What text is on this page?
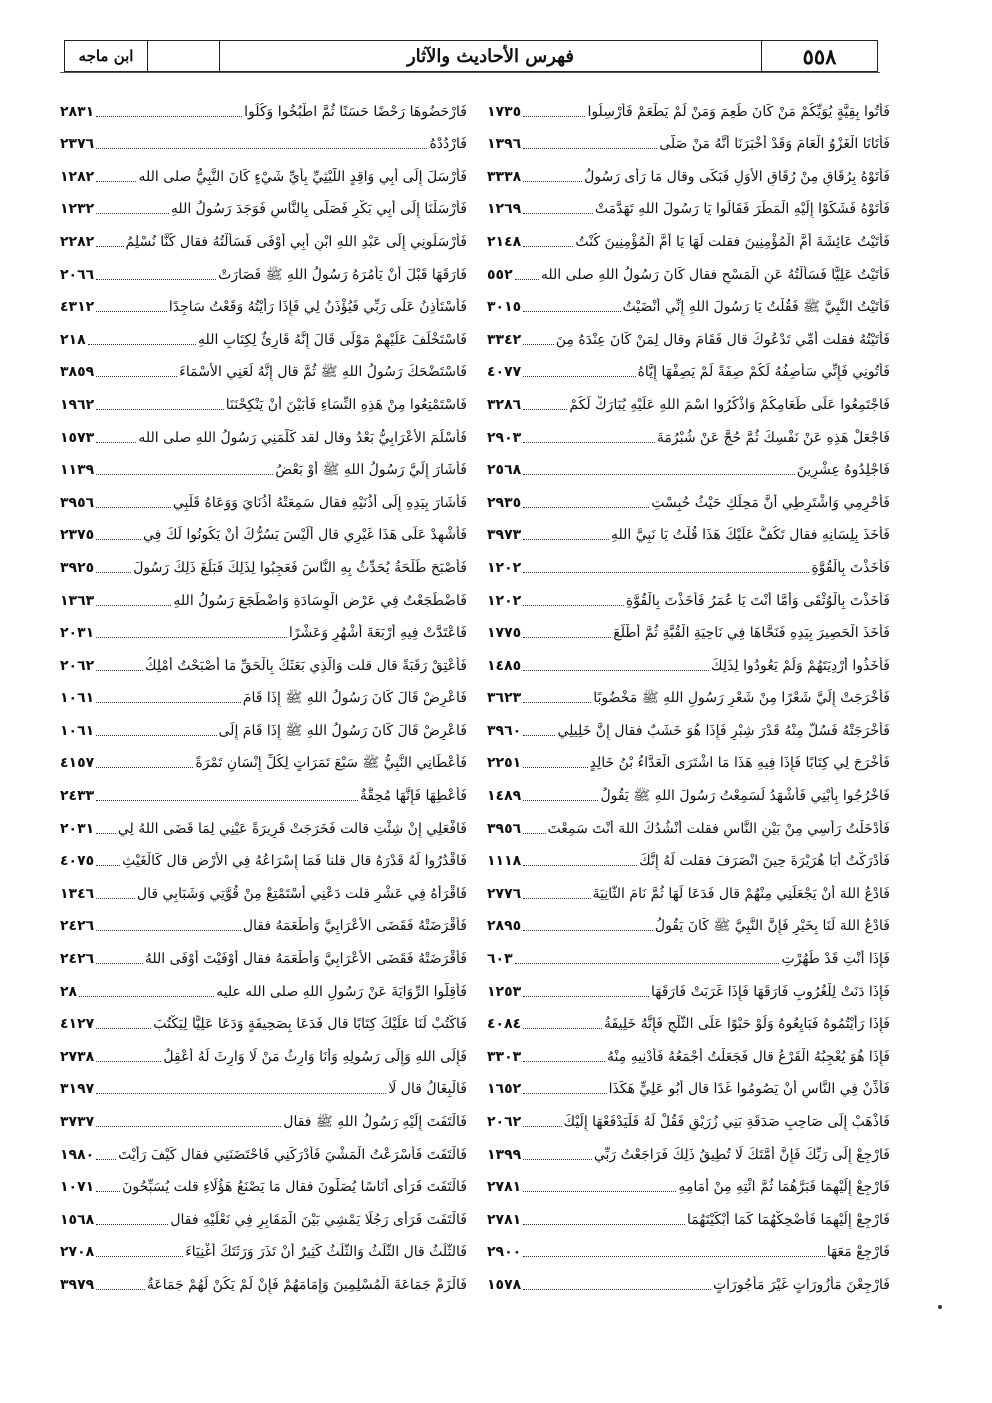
٥٥٨
فهرس الأحاديث والآثار
ابن ماجه
فَأْتُوا بِقِيَّةٍ يُوَيِّكُمْ مَنْ كَانَ طَعِمَ وَمَنْ لَمْ يَطْعَمْ فَأَرْسِلُوا
١٧٣٥
فَأَتَانَا الْغَزْوُ الْعَامَ وَقَدْ أَخْبَرَنَا أَنَّهُ مَنْ صَلَّى
١٣٩٦
فَأَتَوْهُ بِرُقَاقٍ مِنْ رُقَاقِ الأُوَلِ فَبَكَى وقال مَا رَأَى رَسُولُ
٣٣٣٨
فَأَتَوْهُ فَشَكَوْا إِلَيْهِ الْمَطَرَ فَقَالُوا يَا رَسُولَ اللهِ تَهَدَّمَتْ
١٢٦٩
فَأَتَيْتُ عَائِشَةَ أُمَّ الْمُؤْمِنِينَ فقلت لَهَا يَا أُمَّ الْمُؤْمِنِينَ كُنْتُ
٢١٤٨
فَأَتَيْتُ عَلِيًّا فَسَأَلْتُهُ عَنِ الْمَسْحِ فقال كَانَ رَسُولُ اللهِ صلى الله
٥٥٢
فَأَتَيْتُ النَّبِيَّ ﷺ فَقُلْتُ يَا رَسُولَ اللهِ إِنِّي أَنْضَيْتُ
٣٠١٥
فَأَتَيْتُهُ فقلت أُمِّي تَدْعُوكَ قال فَقَامَ وقال لِمَنْ كَانَ عِنْدَهُ مِنَ
٣٣٤٢
فَأْتُونِي فَإِنِّي سَأَصِفُهُ لَكُمْ صِفَةً لَمْ يَصِفْهَا إِيَّاهُ
٤٠٧٧
فَاجْتَمِعُوا عَلَى طَعَامِكُمْ وَاذْكُرُوا اسْمَ اللهِ عَلَيْهِ يُبَارَكْ لَكُمْ
٣٢٨٦
فَاجْعَلْ هَذِهِ عَنْ نَفْسِكَ ثُمَّ حُجَّ عَنْ شُبْرُمَةَ
٢٩٠٣
فَاجْلِدُوهُ عِشْرِينَ
٢٥٦٨
فَأَحْرِمِي وَاشْتَرِطِي أَنَّ مَحِلِّكِ حَيْثُ حُبِسْتِ
٢٩٣٥
فَأَخَذَ بِلِسَانِهِ فقال تَكُفُّ عَلَيْكَ هَذَا قُلْتُ يَا نَبِيَّ اللهِ
٣٩٧٣
فَأَخَذْتَ بِالْقُوَّةِ
١٢٠٢
فَأَخَذْتَ بِالْوُثْقَى وَأَمَّا أَنْتَ يَا عُمَرُ فَأَخَذْتَ بِالْقُوَّةِ
١٢٠٢
فَأَخَذَ الْحَصِيرَ بِيَدِهِ فَنَحَّاهَا فِي نَاحِيَةِ الْقُبَّةِ ثُمَّ أَطْلَعَ
١٧٧٥
فَأَخَذُوا أَرْدِيَتَهُمْ وَلَمْ يَعُودُوا لِذَلِكَ
١٤٨٥
فَأَخْرَجَتْ إِلَيَّ شَعْرًا مِنْ شَعْرِ رَسُولِ اللهِ ﷺ مَخْضُوبًا
٣٦٢٣
فَأَخْرَجَتْهُ فَسُلَّ مِنْهُ قَدْرَ شِبْرٍ فَإِذَا هُوَ خَشَبٌ فقال إِنَّ خَلِيلِي
٣٩٦٠
فَأَخْرَجَ لِي كِتَابًا فَإِذَا فِيهِ هَذَا مَا اشْتَرَى الْعَدَّاءُ بْنُ خَالِدٍ
٢٢٥١
فَاخْرُجُوا بِأَبْنِي فَأَشْهَدُ لَسَمِعْتُ رَسُولَ اللهِ ﷺ يَقُولُ
١٤٨٩
فَأَدْخَلْتُ رَأْسِي مِنْ بَيْنِ النَّاسِ فقلت أَنْشُدُكَ اللهَ أَنْتَ سَمِعْتَ
٣٩٥٦
فَأَدْرَكْتُ أَبَا هُرَيْرَةَ حِينَ انْصَرَفَ فقلت لَهُ إِنَّكَ
١١١٨
فَادْعُ اللهَ أَنْ يَجْعَلَنِي مِنْهُمْ قال فَدَعَا لَهَا ثُمَّ نَامَ الثَّانِيَةَ
٢٧٧٦
فَادْعُ اللهَ لَنَا بِخَيْرٍ فَإِنَّ النَّبِيَّ ﷺ كَانَ يَقُولُ
٢٨٩٥
فَإِذَا أَنْتِ قَدْ طَهُرْتِ
٦٠٣
فَإِذَا دَنَتْ لِلْغُرُوبِ فَارَقَهَا فَإِذَا غَرَبَتْ فَارَقَهَا
١٢٥٣
فَإِذَا رَأَيْتُمُوهُ فَبَايِعُوهُ وَلَوْ حَبْوًا عَلَى الثَّلْجِ فَإِنَّهُ خَلِيفَةُ
٤٠٨٤
فَإِذَا هُوَ يُعْجِبُهُ الْقَرْعُ قال فَجَعَلْتُ أَجْمَعُهُ فَأُدْنِيهِ مِنْهُ
٣٣٠٣
فَأَذِّنْ فِي النَّاسِ أَنْ يَصُومُوا غَدًا قال أَبُو عَلِيٍّ هَكَذَا
١٦٥٢
فَاذْهَبْ إِلَى صَاحِبِ صَدَقَةِ بَنِي زُرَيْقٍ فَقُلْ لَهُ فَلْيَدْفَعْهَا إِلَيْكَ
٢٠٦٢
فَارْجِعْ إِلَى رَبِّكَ فَإِنَّ أُمَّتَكَ لَا تُطِيقُ ذَلِكَ فَرَاجَعْتُ رَبِّي
١٣٩٩
فَارْجِعْ إِلَيْهِمَا فَبَرَّهُمَا ثُمَّ ائْتِهِ مِنْ أَمَامِهِ
٢٧٨١
فَارْجِعْ إِلَيْهِمَا فَأَضْحِكْهُمَا كَمَا أَبْكَيْتَهُمَا
٢٧٨١
فَارْجِعْ مَعَهَا
٢٩٠٠
فَارْجِعْنَ مَأْزُورَاتٍ غَيْرَ مَأْجُورَاتٍ
١٥٧٨
فَارْحَضُوهَا رَحْضًا حَسَنًا ثُمَّ اطْبُخُوا وَكُلُوا
٢٨٣١
فَارْدُدْهُ
٢٣٧٦
فَأَرْسَلَ إِلَى أَبِي وَاقِدٍ اللَّيْثِيِّ بِأَيِّ شَيْءٍ كَانَ النَّبِيُّ صلى الله
١٢٨٢
فَأَرْسَلْنَا إِلَى أَبِي بَكْرٍ فَصَلَّى بِالنَّاسِ فَوَجَدَ رَسُولُ اللهِ
١٢٣٢
فَأَرْسَلُونِي إِلَى عَبْدِ اللهِ ابْنِ أَبِي أَوْفَى فَسَأَلْتُهُ فقال كُنَّا نُسْلِمُ
٢٢٨٢
فَارَقَهَا قَبْلَ أَنْ يَأْمُرَهُ رَسُولُ اللهِ ﷺ فَصَارَتْ
٢٠٦٦
فَأَسْتَأْذِنُ عَلَى رَبِّي فَيُؤْذَنُ لِي فَإِذَا رَأَيْتُهُ وَقَعْتُ سَاجِدًا
٤٣١٢
فَاسْتَخْلَفَ عَلَيْهِمْ مَوْلًى قَالَ إِنَّهُ قَارِئٌ لِكِتَابِ اللهِ
٢١٨
فَاسْتَضْحَكَ رَسُولُ اللهِ ﷺ ثُمَّ قال إِنَّهُ لَعَنِي الأَسْمَاءَ
٣٨٥٩
فَاسْتَمْتِعُوا مِنْ هَذِهِ النِّسَاءِ فَأَبَيْنَ أَنْ يَنْكِحْنَنَا
١٩٦٢
فَأَسْلَمَ الأَعْرَابِيُّ بَعْدُ وقال لقد كَلَّمَنِي رَسُولُ اللهِ صلى الله
١٥٧٣
فَأَشَارَ إِلَيَّ رَسُولُ اللهِ ﷺ أَوْ بَعْضُ
١١٣٩
فَأَشَارَ بِيَدِهِ إِلَى أُذُنَيْهِ فقال سَمِعَتْهُ أُذُنَايَ وَوَعَاهُ قَلْبِي
٣٩٥٦
فَأَشْهِدْ عَلَى هَذَا غَيْرِي قال أَلَيْسَ يَسُرُّكَ أَنْ يَكُونُوا لَكَ فِي
٢٣٧٥
فَأَصْبَحَ طَلْحَةُ يُحَدِّثُ بِهِ النَّاسَ فَعَجِبُوا لِذَلِكَ فَبَلَغَ ذَلِكَ رَسُولَ
٣٩٢٥
فَاضْطَجَعْتُ فِي عَرْضِ الْوِسَادَةِ وَاضْطَجَعَ رَسُولُ اللهِ
١٣٦٣
فَاعْتَدَّتْ فِيهِ أَرْبَعَةَ أَشْهُرٍ وَعَشْرًا
٢٠٣١
فَأَعْتِقْ رَقَبَةً قال قلت وَالَّذِي بَعَثَكَ بِالْحَقِّ مَا أَصْبَحْتُ أَمْلِكُ
٢٠٦٢
فَاعْرِضْ قَالَ كَانَ رَسُولُ اللهِ ﷺ إِذَا قَامَ
١٠٦١
فَاعْرِضْ قَالَ كَانَ رَسُولُ اللهِ ﷺ إِذَا قَامَ إِلَى
١٠٦١
فَأَعْطَانِي النَّبِيُّ ﷺ سَبْعَ تَمَرَاتٍ لِكُلِّ إِنْسَانٍ تَمْرَةً
٤١٥٧
فَأَعْطِهَا فَإِنَّهَا مُحِقَّةٌ
٢٤٣٣
فَافْعَلِي إِنْ شِئْتِ قالت فَخَرَجَتْ قَرِيرَةً عَيْنِي لِمَا قَضَى اللهُ لِي
٢٠٣١
فَاقْدُرُوا لَهُ قَدْرَهُ قال قلنا فَمَا إِسْرَاعُهُ فِي الأَرْضِ قال كَالْغَيْثِ
٤٠٧٥
فَاقْرَأْهُ فِي عَشْرٍ قلت دَعْنِي أَسْتَمْتِعْ مِنْ قُوَّتِي وَشَبَابِي قال
١٣٤٦
فَأَقْرَضَتْهُ فَقَضَى الأَعْرَابِيَّ وَأَطْعَمَهُ فقال
٢٤٢٦
فَأَقْرَضَتْهُ فَقَضَى الأَعْرَابِيَّ وَأَطْعَمَهُ فقال أَوْفَيْتَ أَوْفَى اللهُ
٢٤٢٦
فَأَقِلُّوا الرِّوَايَةَ عَنْ رَسُولِ اللهِ صلى الله عليه
٢٨
فَاكْتُبْ لَنَا عَلَيْكَ كِتَابًا قال فَدَعَا بِصَحِيفَةٍ وَدَعَا عَلِيًّا لِيَكْتُبَ
٤١٢٧
فَإِلَى اللهِ وَإِلَى رَسُولِهِ وَأَنَا وَارِثُ مَنْ لَا وَارِثَ لَهُ أَعْقِلُ
٢٧٣٨
فَالْبِغَالُ قال لَا
٣١٩٧
فَالْتَفَتَ إِلَيْهِ رَسُولُ اللهِ ﷺ فقال
٣٧٣٧
فَالْتَفَتَ فَأَسْرَعْتُ الْمَشْيَ فَأَدْرَكَنِي فَاحْتَضَنَنِي فقال كَيْفَ رَأَيْتَ
١٩٨٠
فَالْتَفَتَ فَرَأَى أُنَاسًا يُصَلُّونَ فقال مَا يَصْنَعُ هَؤُلَاءِ قلت يُسَبِّحُونَ
١٠٧١
فَالْتَفَتَ فَرَأَى رَجُلًا يَمْشِي بَيْنَ الْمَقَابِرِ فِي نَعْلَيْهِ فقال
١٥٦٨
فَالثُّلُثُ قال الثُّلُثُ وَالثُّلُثُ كَثِيرٌ أَنْ تَذَرَ وَرَثَتَكَ أَغْنِيَاءَ
٢٧٠٨
فَالْزَمْ جَمَاعَةَ الْمُسْلِمِينَ وَإِمَامَهُمْ فَإِنْ لَمْ يَكُنْ لَهُمْ جَمَاعَةٌ
٣٩٧٩
